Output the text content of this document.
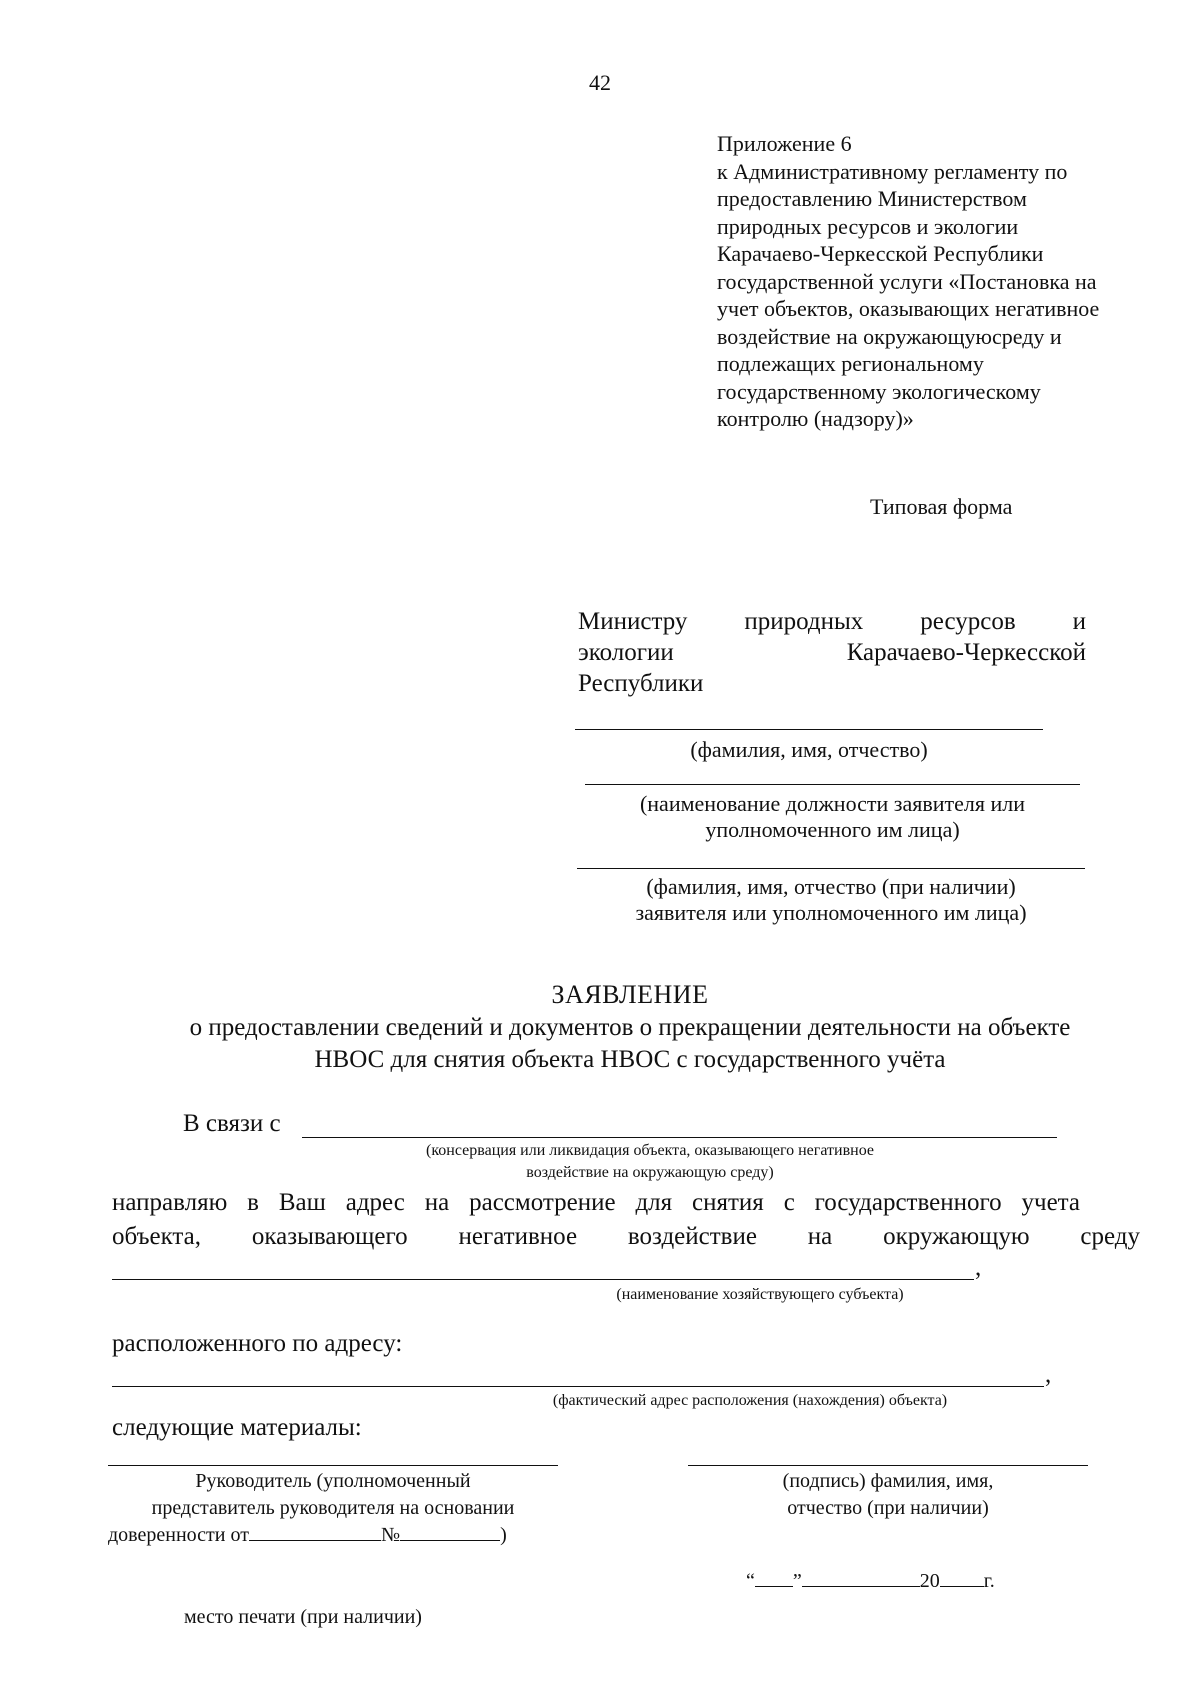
42
Приложение 6
к Административному регламенту по
предоставлению Министерством
природных ресурсов и экологии
Карачаево-Черкесской Республики
государственной услуги «Постановка на
учет объектов, оказывающих негативное
воздействие на окружающуюсреду и
подлежащих региональному
государственному экологическому
контролю (надзору)»
Типовая форма
Министру природных ресурсов и
экологии Карачаево-Черкесской
Республики
(фамилия, имя, отчество)
(наименование должности заявителя или
уполномоченного им лица)
(фамилия, имя, отчество (при наличии)
заявителя или уполномоченного им лица)
ЗАЯВЛЕНИЕ
о предоставлении сведений и документов о прекращении деятельности на объекте
НВОС для снятия объекта НВОС с государственного учёта
В связи с
(консервация или ликвидация объекта, оказывающего негативное
воздействие на окружающую среду)
направляю в Ваш адрес на рассмотрение для снятия с государственного учета
объекта, оказывающего негативное воздействие на окружающую среду
,
(наименование хозяйствующего субъекта)
расположенного по адресу:
,
(фактический адрес расположения (нахождения) объекта)
следующие материалы:
Руководитель (уполномоченный
представитель руководителя на основании
доверенности от	№	)
(подпись) фамилия, имя,
отчество (при наличии)
“ ”	20 г.
место печати (при наличии)
